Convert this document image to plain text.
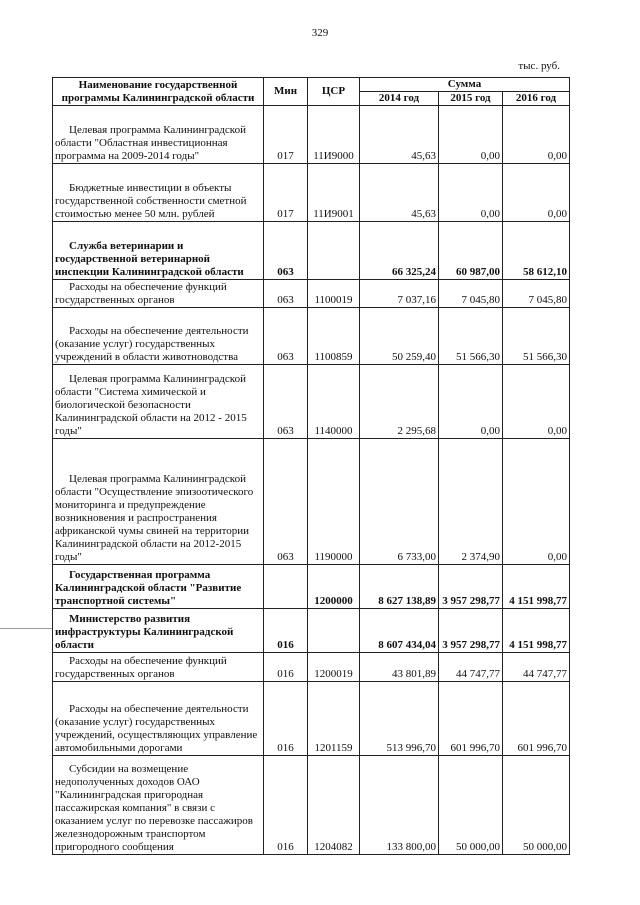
329
тыс. руб.
Наименование государственной программы Калининградской области	Мин	ЦСР	Сумма		
			2014 год	2015 год	2016 год
Целевая программа Калининградской области "Областная инвестиционная программа на 2009-2014 годы"	017	11И9000	45,63	0,00	0,00
Бюджетные инвестиции в объекты государственной собственности сметной стоимостью менее 50 млн. рублей	017	11И9001	45,63	0,00	0,00
Служба ветеринарии и государственной ветеринарной инспекции Калининградской области	063		66 325,24	60 987,00	58 612,10
Расходы на обеспечение функций государственных органов	063	1100019	7 037,16	7 045,80	7 045,80
Расходы на обеспечение деятельности (оказание услуг) государственных учреждений в области животноводства	063	1100859	50 259,40	51 566,30	51 566,30
Целевая программа Калининградской области "Система химической и биологической безопасности Калининградской области на 2012 - 2015 годы"	063	1140000	2 295,68	0,00	0,00
Целевая программа Калининградской области "Осуществление эпизоотического мониторинга и предупреждение возникновения и распространения африканской чумы свиней на территории Калининградской области на 2012-2015 годы"	063	1190000	6 733,00	2 374,90	0,00
Государственная программа Калининградской области "Развитие транспортной системы"		1200000	8 627 138,89	3 957 298,77	4 151 998,77
Министерство развития инфраструктуры Калининградской области	016		8 607 434,04	3 957 298,77	4 151 998,77
Расходы на обеспечение функций государственных органов	016	1200019	43 801,89	44 747,77	44 747,77
Расходы на обеспечение деятельности (оказание услуг) государственных учреждений, осуществляющих управление автомобильными дорогами	016	1201159	513 996,70	601 996,70	601 996,70
Субсидии на возмещение недополученных доходов ОАО "Калининградская пригородная пассажирская компания" в связи с оказанием услуг по перевозке пассажиров железнодорожным транспортом пригородного сообщения	016	1204082	133 800,00	50 000,00	50 000,00
